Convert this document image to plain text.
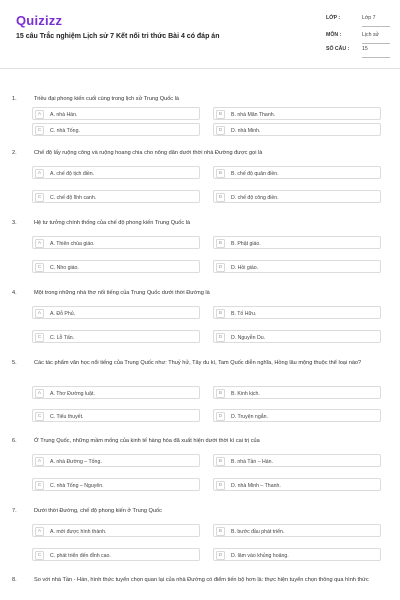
Quizizz
15 câu Trắc nghiệm Lịch sử 7 Kết nối tri thức Bài 4 có đáp án
LỚP :	Lớp 7
MÔN :	Lịch sử
SỐ CÂU : 15
1.	Triều đại phong kiến cuối cùng trong lịch sử Trung Quốc là
A	A. nhà Hán.	B	B. nhà Mãn Thanh.
C	C. nhà Tống.	D	D. nhà Minh.
2.	Chế độ lấy ruộng công và ruộng hoang chia cho nông dân dưới thời nhà Đường được gọi là
A	A. chế độ tịch điền.	B	B. chế độ quân điền.
C	C. chế độ lĩnh canh.	D	D. chế độ công điền.
3.	Hệ tư tưởng chính thống của chế độ phong kiến Trung Quốc là
A	A. Thiên chúa giáo.	B	B. Phật giáo.
C	C. Nho giáo.	D	D. Hồi giáo.
4.	Một trong những nhà thơ nổi tiếng của Trung Quốc dưới thời Đường là
A	A. Đỗ Phủ.	B	B. Tố Hữu.
C	C. Lỗ Tấn.	D	D. Nguyễn Du.
5.	Các tác phẩm văn học nổi tiếng của Trung Quốc như: Thuỷ hử, Tây du kí, Tam Quốc diễn nghĩa, Hồng lâu mộng thuộc thể loại nào?
A	A. Thơ Đường luật.	B	B. Kinh kịch.
C	C. Tiểu thuyết.	D	D. Truyện ngắn.
6.	Ở Trung Quốc, những mầm mống của kinh tế hàng hóa đã xuất hiện dưới thời kì cai trị của
A	A. nhà Đường – Tống.	B	B. nhà Tần – Hán.
C	C. nhà Tống – Nguyên.	D	D. nhà Minh – Thanh.
7.	Dưới thời Đường, chế độ phong kiến ở Trung Quốc
A	A. mới được hình thành.	B	B. bước đầu phát triển.
C	C. phát triển đến đỉnh cao.	D	D. lâm vào khủng hoảng.
8.	So với nhà Tần - Hán, hình thức tuyển chọn quan lại của nhà Đường có điểm tiến bộ hơn là: thực hiện tuyển chọn thông qua hình thức
